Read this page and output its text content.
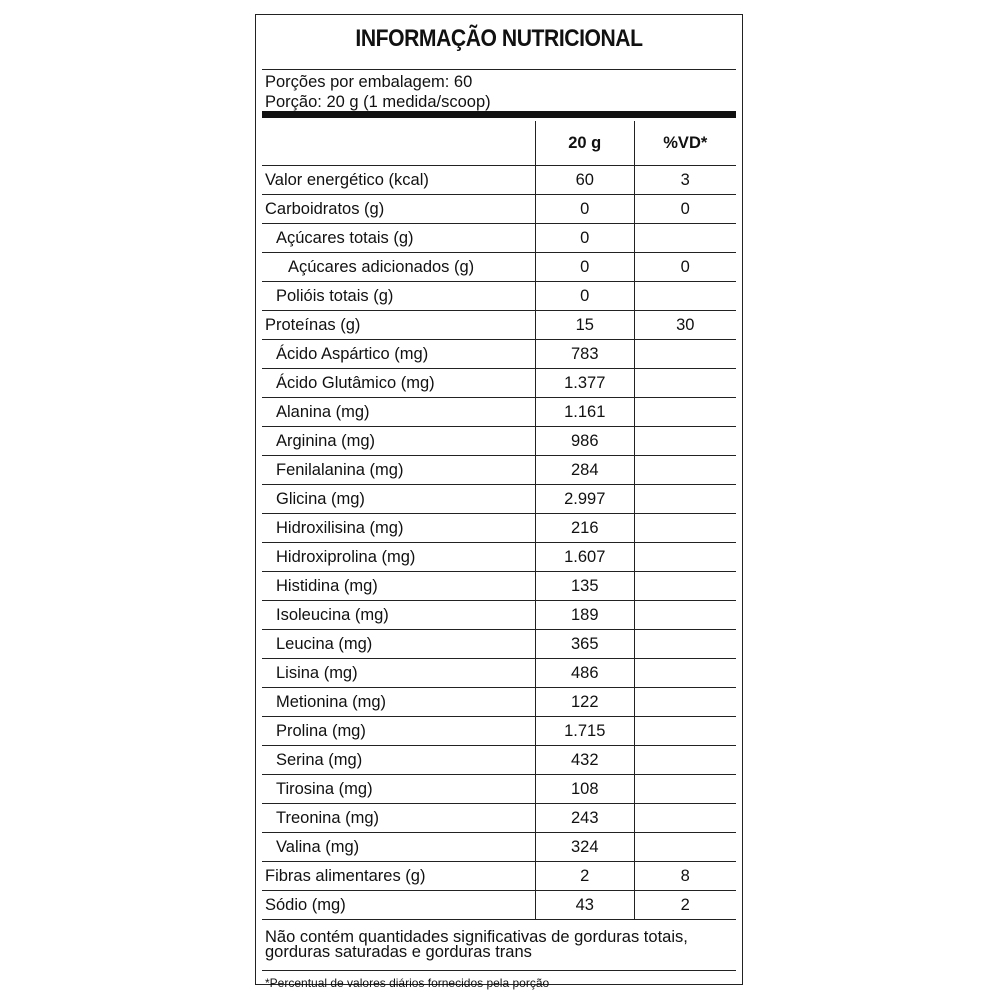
INFORMAÇÃO NUTRICIONAL
Porções por embalagem: 60
Porção: 20 g (1 medida/scoop)
	20 g	%VD*
Valor energético (kcal)	60	3
Carboidratos (g)	0	0
Açúcares totais (g)	0	
Açúcares adicionados (g)	0	0
Polióis totais (g)	0	
Proteínas (g)	15	30
Ácido Aspártico (mg)	783	
Ácido Glutâmico (mg)	1.377	
Alanina (mg)	1.161	
Arginina (mg)	986	
Fenilalanina (mg)	284	
Glicina (mg)	2.997	
Hidroxilisina (mg)	216	
Hidroxiprolina (mg)	1.607	
Histidina (mg)	135	
Isoleucina (mg)	189	
Leucina (mg)	365	
Lisina (mg)	486	
Metionina (mg)	122	
Prolina (mg)	1.715	
Serina (mg)	432	
Tirosina (mg)	108	
Treonina (mg)	243	
Valina (mg)	324	
Fibras alimentares (g)	2	8
Sódio (mg)	43	2
Não contém quantidades significativas de gorduras totais, gorduras saturadas e gorduras trans
*Percentual de valores diários fornecidos pela porção
